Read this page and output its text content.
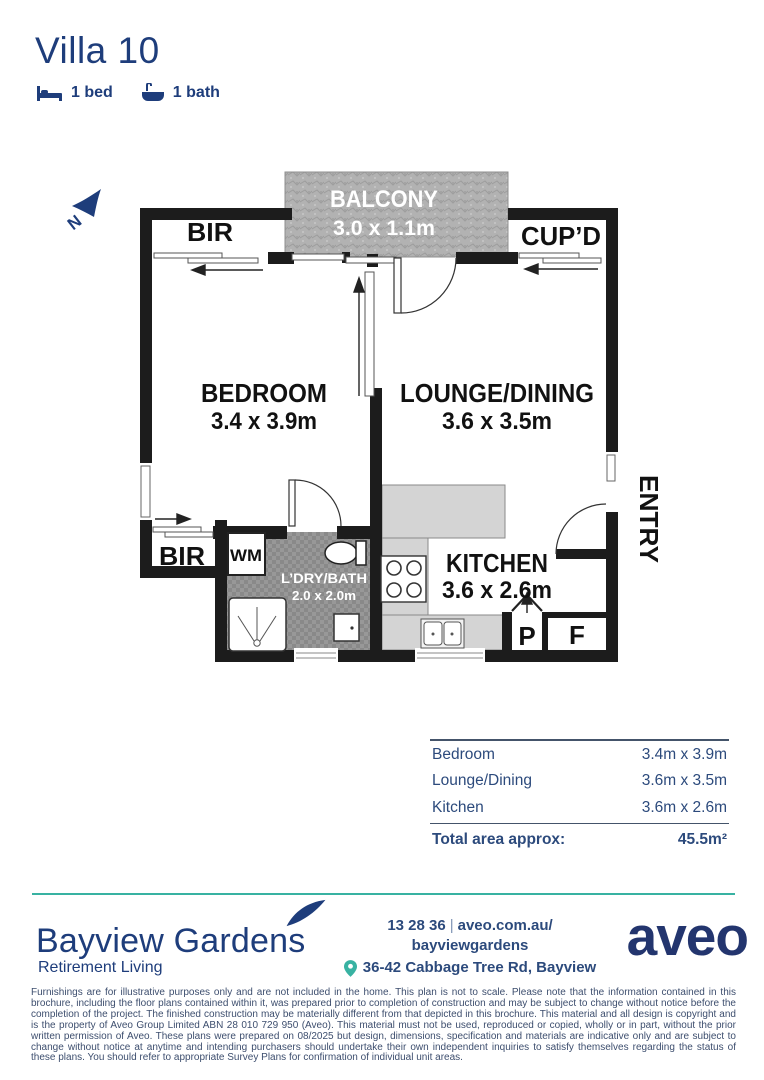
Villa 10
1 bed	1 bath
N
BALCONY
3.0 x 1.1m
WM
BIR	CUP’D
BEDROOM
3.4 x 3.9m
LOUNGE/DINING
3.6 x 3.5m
KITCHEN
3.6 x 2.6m
BIR
L’DRY/BATH
2.0 x 2.0m
P F
ENTRY
Bedroom	3.4m x 3.9m
Lounge/Dining	3.6m x 3.5m
Kitchen	3.6m x 2.6m
Total area approx:	45.5m²
Bayview Gardens
Retirement Living
13 28 36 | aveo.com.au/
bayviewgardens
36-42 Cabbage Tree Rd, Bayview
aveo
Furnishings are for illustrative purposes only and are not included in the home. This plan is not to scale. Please note that the information contained in this brochure, including the floor plans contained within it, was prepared prior to completion of construction and may be subject to change without notice before the completion of the project. The finished construction may be materially different from that depicted in this brochure. This material and all design is copyright and is the property of Aveo Group Limited ABN 28 010 729 950 (Aveo). This material must not be used, reproduced or copied, wholly or in part, without the prior written permission of Aveo. These plans were prepared on 08/2025 but design, dimensions, specification and materials are indicative only and are subject to change without notice at anytime and intending purchasers should undertake their own independent inquiries to satisfy themselves regarding the status of these plans. You should refer to appropriate Survey Plans for confirmation of individual unit areas.
